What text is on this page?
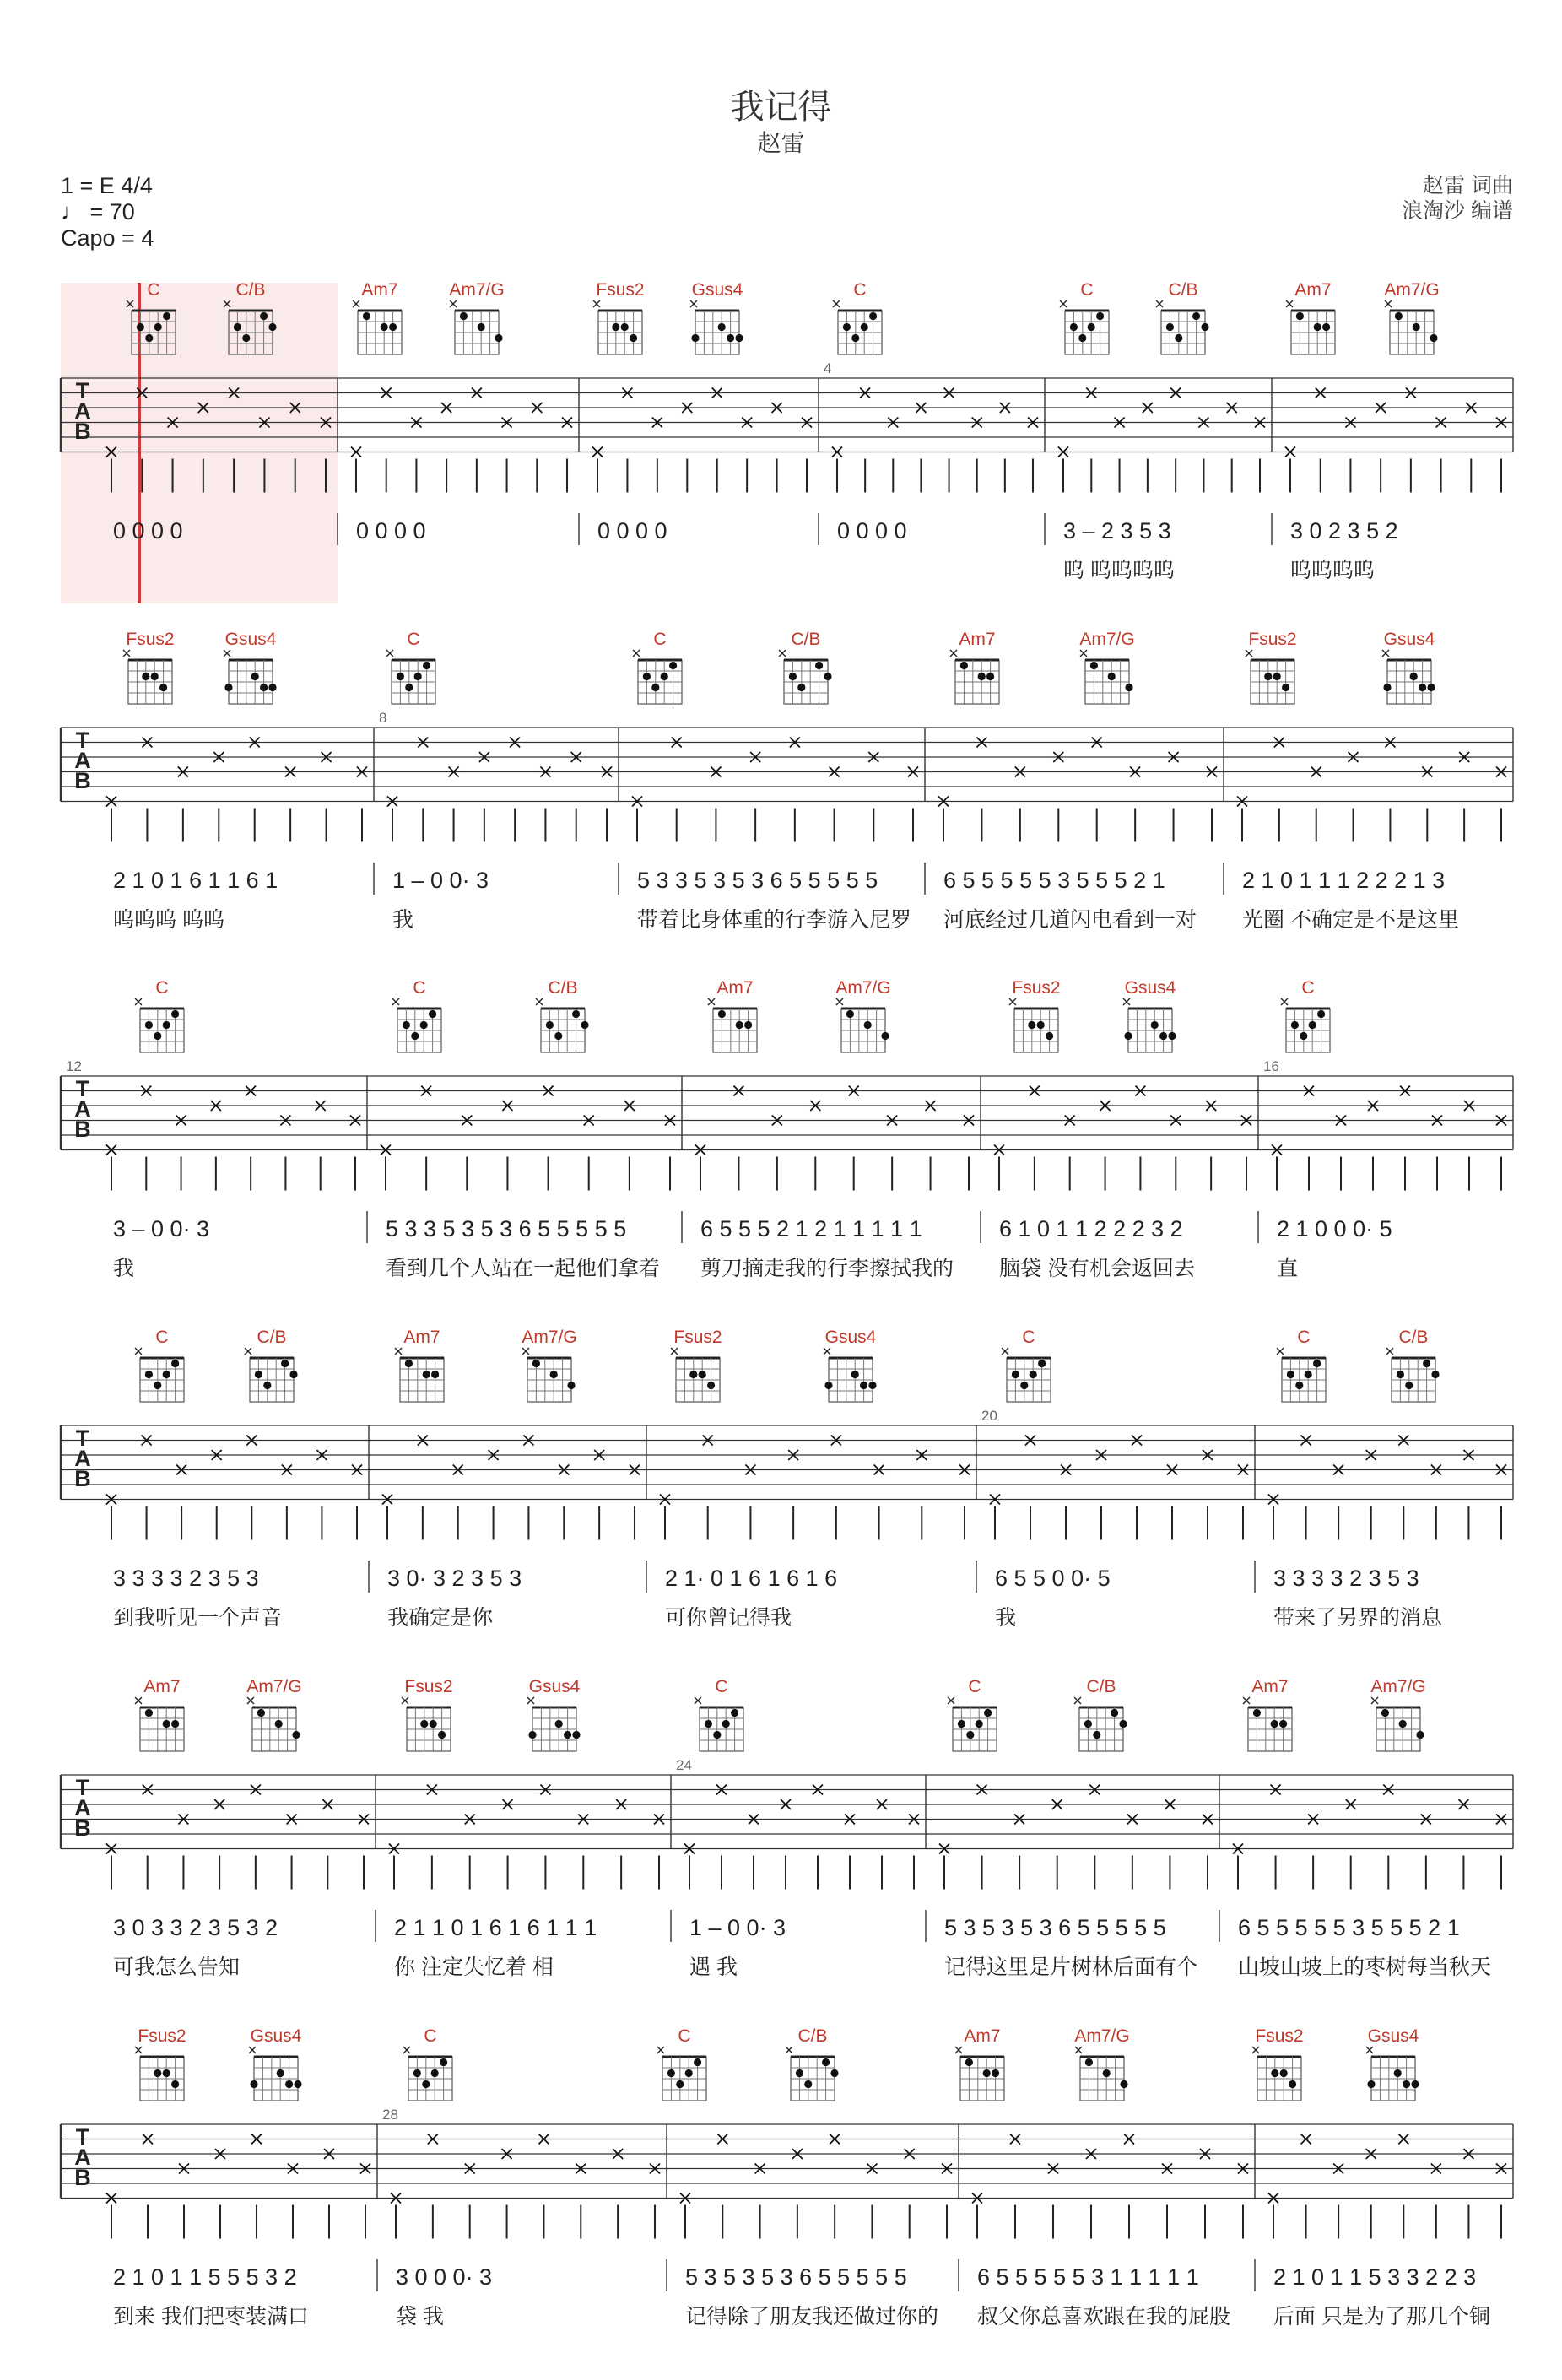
我记得
赵雷
1 = E 4/4
♩ = 70
Capo = 4
赵雷 词曲
浪淘沙 编谱
C	C/B	Am7	Am7/G	Fsus2	Gsus4	C	C	C/B	Am7	Am7/G
T
A
B
4
0 0 0 0	0 0 0 0	0 0 0 0	0 0 0 0	3 – 2 3 5 3	3 0 2 3 5 2
呜 呜呜呜呜	呜呜呜呜
Fsus2	Gsus4	C	C	C/B	Am7	Am7/G	Fsus2	Gsus4
T
A
B
8
2 1 0 1 6 1 1 6 1	1 – 0 0· 3	5 3 3 5 3 5 3 6 5 5 5 5 5	6 5 5 5 5 5 3 5 5 5 2 1	2 1 0 1 1 1 2 2 2 1 3
呜呜呜 呜呜	我	带着比身体重的行李游入尼罗 河底经过几道闪电看到一对 光圈 不确定是不是这里
C	C	C/B	Am7	Am7/G	Fsus2	Gsus4	C
T
A
B
12	16
3 – 0 0· 3	5 3 3 5 3 5 3 6 5 5 5 5 5	6 5 5 5 2 1 2 1 1 1 1 1	6 1 0 1 1 2 2 2 3 2	2 1 0 0 0· 5
我	看到几个人站在一起他们拿着 剪刀摘走我的行李擦拭我的 脑袋 没有机会返回去	直
C	C/B	Am7	Am7/G	Fsus2	Gsus4	C	C	C/B
T
A
B
20
3 3 3 3 2 3 5 3	3 0· 3 2 3 5 3	2 1· 0 1 6 1 6 1 6	6 5 5 0 0· 5	3 3 3 3 2 3 5 3
到我听见一个声音	我确定是你	可你曾记得我	我	带来了另界的消息
Am7	Am7/G	Fsus2	Gsus4	C	C	C/B	Am7	Am7/G
T
A
B
24
3 0 3 3 2 3 5 3 2	2 1 1 0 1 6 1 6 1 1 1	1 – 0 0· 3	5 3 5 3 5 3 6 5 5 5 5 5	6 5 5 5 5 5 3 5 5 5 2 1
可我怎么告知	你 注定失忆着 相	遇 我	记得这里是片树林后面有个 山坡山坡上的枣树每当秋天
Fsus2	Gsus4	C	C	C/B	Am7	Am7/G	Fsus2	Gsus4
T
A
B
28
2 1 0 1 1 5 5 5 3 2	3 0 0 0· 3	5 3 5 3 5 3 6 5 5 5 5 5	6 5 5 5 5 5 3 1 1 1 1 1	2 1 0 1 1 5 3 3 2 2 3
到来 我们把枣装满口	袋 我	记得除了朋友我还做过你的 叔父你总喜欢跟在我的屁股 后面 只是为了那几个铜
